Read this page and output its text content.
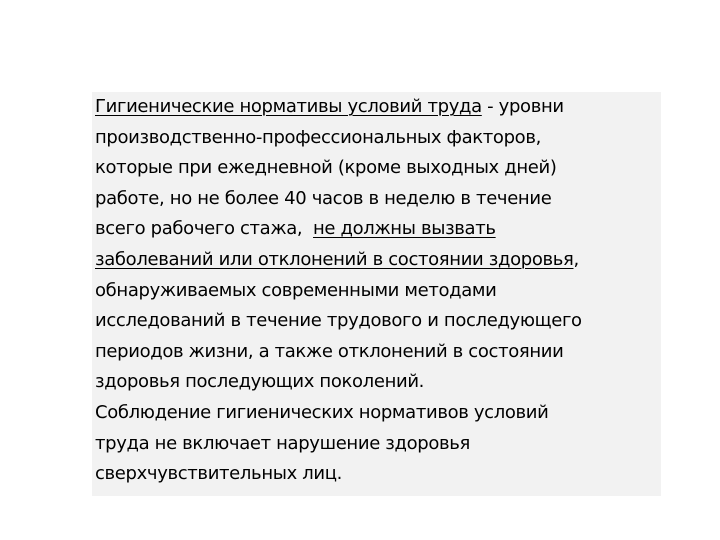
Гигиенические нормативы условий труда - уровни
производственно-профессиональных факторов,
которые при ежедневной (кроме выходных дней)
работе, но не более 40 часов в неделю в течение
всего рабочего стажа,  не должны вызвать
заболеваний или отклонений в состоянии здоровья,
обнаруживаемых современными методами
исследований в течение трудового и последующего
периодов жизни, а также отклонений в состоянии
здоровья последующих поколений.
Соблюдение гигиенических нормативов условий
труда не включает нарушение здоровья
сверхчувствительных лиц.
